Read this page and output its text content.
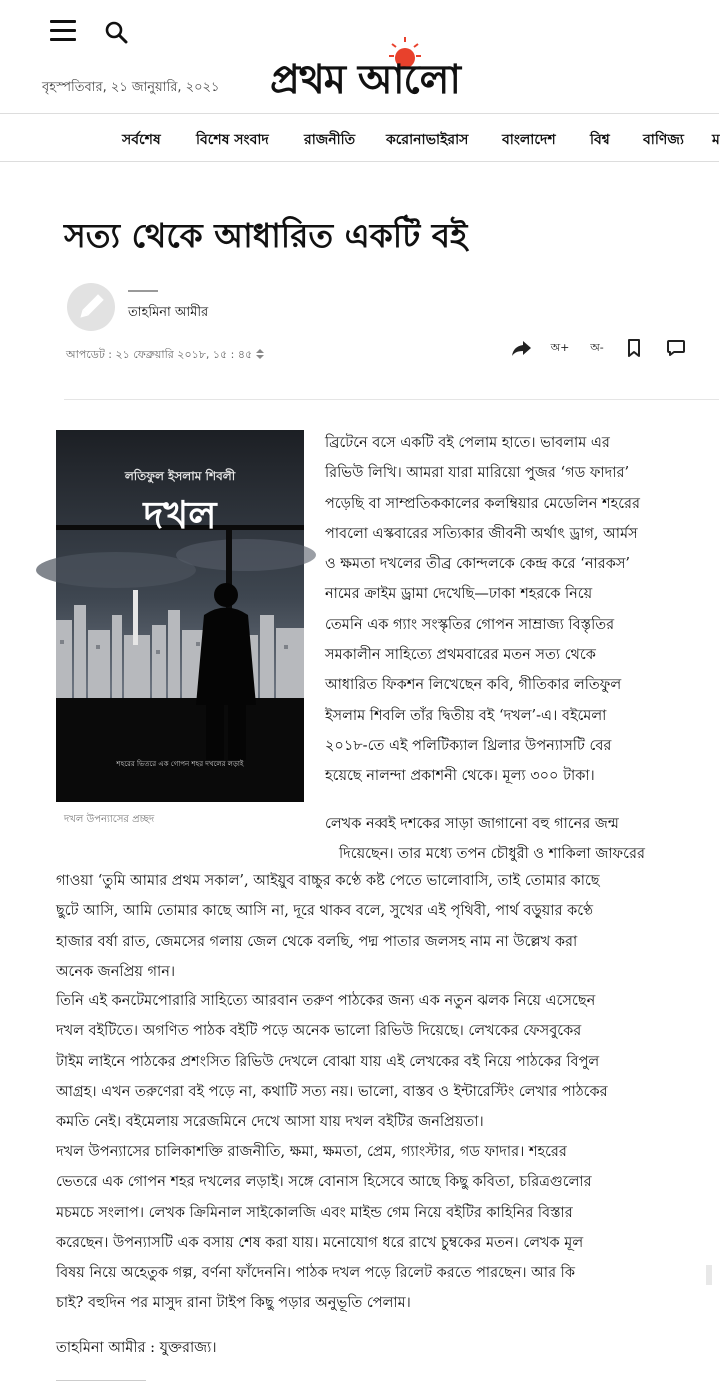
বৃহস্পতিবার, ২১ জানুয়ারি, ২০২১ প্রথম আলো
সর্বশেষ	বিশেষ সংবাদ	রাজনীতি করোনাভাইরাস বাংলাদেশ বিশ্ব বাণিজ্য ম
সত্য থেকে আধারিত একটি বই
তাহমিনা আমীর
আপডেট : ২১ ফেব্রুয়ারি ২০১৮, ১৫ : ৪৫
অ+	অ-
লতিফুল ইসলাম শিবলী
দখল
শহরের ভিতরে এক গোপন শহর দখলের লড়াই
দখল উপন্যাসের প্রচ্ছদ
ব্রিটেনে বসে একটি বই পেলাম হাতে। ভাবলাম এর
রিভিউ লিখি। আমরা যারা মারিয়ো পুজর ‘গড ফাদার’
পড়েছি বা সাম্প্রতিককালের কলম্বিয়ার মেডেলিন শহরের
পাবলো এস্কবারের সত্যিকার জীবনী অর্থাৎ ড্রাগ, আর্মস
ও ক্ষমতা দখলের তীব্র কোন্দলকে কেন্দ্র করে ‘নারকস’
নামের ক্রাইম ড্রামা দেখেছি—ঢাকা শহরকে নিয়ে
তেমনি এক গ্যাং সংস্কৃতির গোপন সাম্রাজ্য বিস্তৃতির
সমকালীন সাহিত্যে প্রথমবারের মতন সত্য থেকে
আধারিত ফিকশন লিখেছেন কবি, গীতিকার লতিফুল
ইসলাম শিবলি তাঁর দ্বিতীয় বই ‘দখল’-এ। বইমেলা
২০১৮-তে এই পলিটিক্যাল থ্রিলার উপন্যাসটি বের
হয়েছে নালন্দা প্রকাশনী থেকে। মূল্য ৩০০ টাকা।
লেখক নব্বই দশকের সাড়া জাগানো বহু গানের জন্ম
দিয়েছেন। তার মধ্যে তপন চৌধুরী ও শাকিলা জাফরের
গাওয়া ‘তুমি আমার প্রথম সকাল’, আইয়ুব বাচ্চুর কণ্ঠে কষ্ট পেতে ভালোবাসি, তাই তোমার কাছে
ছুটে আসি, আমি তোমার কাছে আসি না, দূরে থাকব বলে, সুখের এই পৃথিবী, পার্থ বড়ুয়ার কণ্ঠে
হাজার বর্ষা রাত, জেমসের গলায় জেল থেকে বলছি, পদ্ম পাতার জলসহ নাম না উল্লেখ করা
অনেক জনপ্রিয় গান।
তিনি এই কনটেমপোরারি সাহিত্যে আরবান তরুণ পাঠকের জন্য এক নতুন ঝলক নিয়ে এসেছেন
দখল বইটিতে। অগণিত পাঠক বইটি পড়ে অনেক ভালো রিভিউ দিয়েছে। লেখকের ফেসবুকের
টাইম লাইনে পাঠকের প্রশংসিত রিভিউ দেখলে বোঝা যায় এই লেখকের বই নিয়ে পাঠকের বিপুল
আগ্রহ। এখন তরুণেরা বই পড়ে না, কথাটি সত্য নয়। ভালো, বাস্তব ও ইন্টারেস্টিং লেখার পাঠকের
কমতি নেই। বইমেলায় সরেজমিনে দেখে আসা যায় দখল বইটির জনপ্রিয়তা।
দখল উপন্যাসের চালিকাশক্তি রাজনীতি, ক্ষমা, ক্ষমতা, প্রেম, গ্যাংস্টার, গড ফাদার। শহরের
ভেতরে এক গোপন শহর দখলের লড়াই। সঙ্গে বোনাস হিসেবে আছে কিছু কবিতা, চরিত্রগুলোর
মচমচে সংলাপ। লেখক ক্রিমিনাল সাইকোলজি এবং মাইন্ড গেম নিয়ে বইটির কাহিনির বিস্তার
করেছেন। উপন্যাসটি এক বসায় শেষ করা যায়। মনোযোগ ধরে রাখে চুম্বকের মতন। লেখক মূল
বিষয় নিয়ে অহেতুক গল্প, বর্ণনা ফাঁদেননি। পাঠক দখল পড়ে রিলেট করতে পারছেন। আর কি
চাই? বহুদিন পর মাসুদ রানা টাইপ কিছু পড়ার অনুভূতি পেলাম।
তাহমিনা আমীর : যুক্তরাজ্য।
